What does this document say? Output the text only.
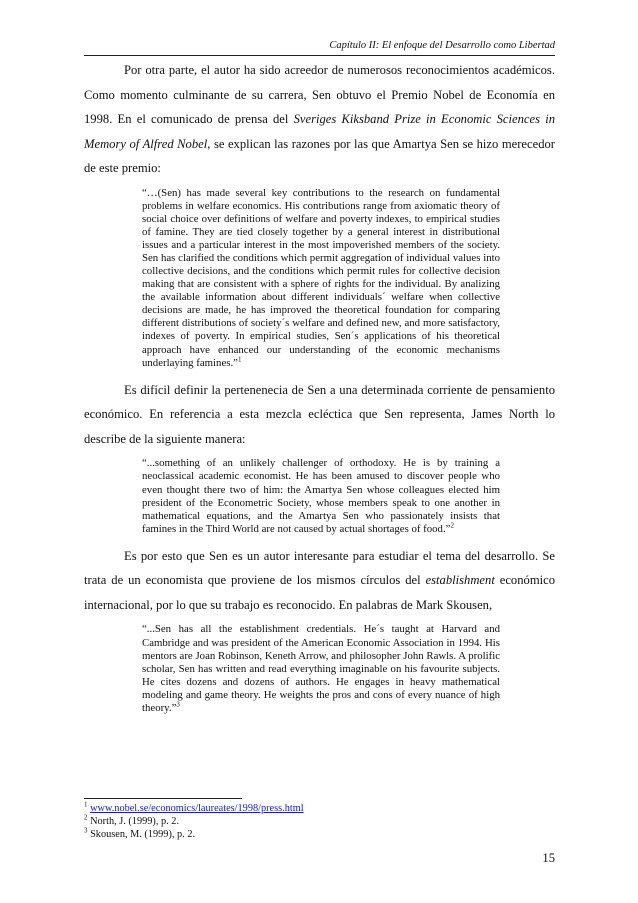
Capítulo II: El enfoque del Desarrollo como Libertad

Por otra parte, el autor ha sido acreedor de numerosos reconocimientos académicos. Como momento culminante de su carrera, Sen obtuvo el Premio Nobel de Economía en 1998. En el comunicado de prensa del Sveriges Kiksband Prize in Economic Sciences in Memory of Alfred Nobel, se explican las razones por las que Amartya Sen se hizo merecedor de este premio:

“…(Sen) has made several key contributions to the research on fundamental problems in welfare economics. His contributions range from axiomatic theory of social choice over definitions of welfare and poverty indexes, to empirical studies of famine. They are tied closely together by a general interest in distributional issues and a particular interest in the most impoverished members of the society. Sen has clarified the conditions which permit aggregation of individual values into collective decisions, and the conditions which permit rules for collective decision making that are consistent with a sphere of rights for the individual. By analizing the available information about different individuals´ welfare when collective decisions are made, he has improved the theoretical foundation for comparing different distributions of society´s welfare and defined new, and more satisfactory, indexes of poverty. In empirical studies, Sen´s applications of his theoretical approach have enhanced our understanding of the economic mechanisms underlaying famines.”$^1$

Es difícil definir la pertenenecia de Sen a una determinada corriente de pensamiento económico. En referencia a esta mezcla ecléctica que Sen representa, James North lo describe de la siguiente manera:

“...something of an unlikely challenger of orthodoxy. He is by training a neoclassical academic economist. He has been amused to discover people who even thought there two of him: the Amartya Sen whose colleagues elected him president of the Econometric Society, whose members speak to one another in mathematical equations, and the Amartya Sen who passionately insists that famines in the Third World are not caused by actual shortages of food.”$^2$

Es por esto que Sen es un autor interesante para estudiar el tema del desarrollo. Se trata de un economista que proviene de los mismos círculos del establishment económico internacional, por lo que su trabajo es reconocido. En palabras de Mark Skousen,

“...Sen has all the establishment credentials. He´s taught at Harvard and Cambridge and was president of the American Economic Association in 1994. His mentors are Joan Robinson, Keneth Arrow, and philosopher John Rawls. A prolific scholar, Sen has written and read everything imaginable on his favourite subjects. He cites dozens and dozens of authors. He engages in heavy mathematical modeling and game theory. He weights the pros and cons of every nuance of high theory.”$^3$
$^1$ www.nobel.se/economics/laureates/1998/press.html
$^2$ North, J. (1999), p. 2.
$^3$ Skousen, M. (1999), p. 2.
15
